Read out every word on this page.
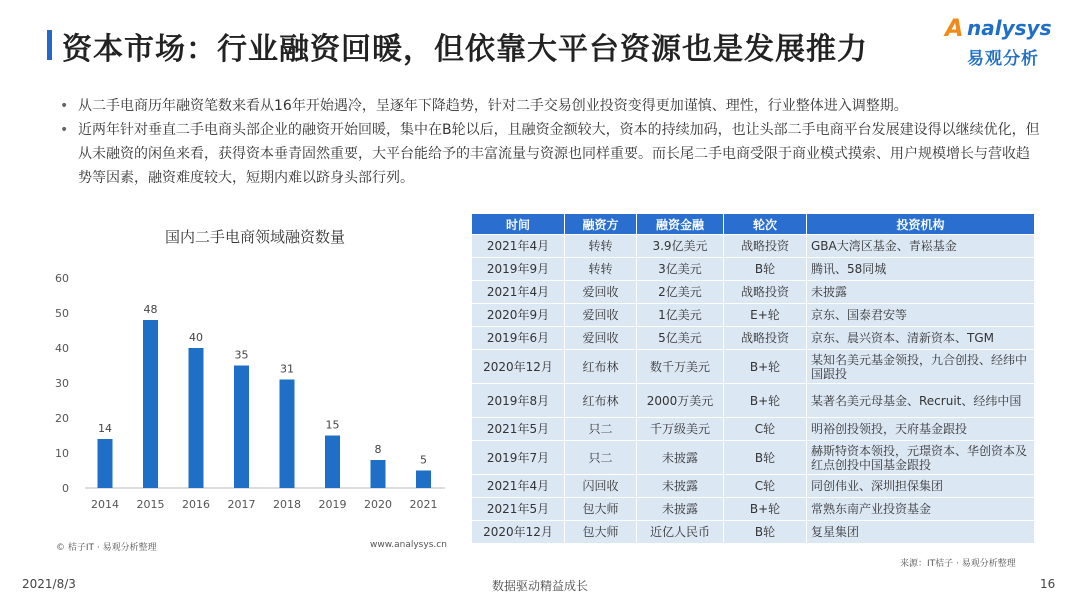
资本市场：行业融资回暖，但依靠大平台资源也是发展推力
A nalysys
易观分析
• 从二手电商历年融资笔数来看从16年开始遇冷，呈逐年下降趋势，针对二手交易创业投资变得更加谨慎、理性，行业整体进入调整期。
• 近两年针对垂直二手电商头部企业的融资开始回暖，集中在B轮以后，且融资金额较大，资本的持续加码，也让头部二手电商平台发展建设得以继续优化，但从未融资的闲鱼来看，获得资本垂青固然重要，大平台能给予的丰富流量与资源也同样重要。而长尾二手电商受限于商业模式摸索、用户规模增长与营收趋势等因素，融资难度较大，短期内难以跻身头部行列。
国内二手电商领域融资数量
0
10
20
30
40
50
60
14
2014
48
2015
40
2016
35
2017
31
2018
15
2019
8
2020
5
2021
© 桔子IT · 易观分析整理	www.analysys.cn
时间	融资方	融资金融	轮次	投资机构
2021年4月	转转	3.9亿美元	战略投资	GBA大湾区基金、青崧基金
2019年9月	转转	3亿美元	B轮	腾讯、58同城
2021年4月	爱回收	2亿美元	战略投资	未披露
2020年9月	爱回收	1亿美元	E+轮	京东、国泰君安等
2019年6月	爱回收	5亿美元	战略投资	京东、晨兴资本、清新资本、TGM
2020年12月	红布林	数千万美元	B+轮	某知名美元基金领投，九合创投、经纬中国跟投
2019年8月	红布林	2000万美元	B+轮	某著名美元母基金、Recruit、经纬中国
2021年5月	只二	千万级美元	C轮	明裕创投领投，天府基金跟投
2019年7月	只二	未披露	B轮	赫斯特资本领投，元璟资本、华创资本及红点创投中国基金跟投
2021年4月	闪回收	未披露	C轮	同创伟业、深圳担保集团
2021年5月	包大师	未披露	B+轮	常熟东南产业投资基金
2020年12月	包大师	近亿人民币	B轮	复星集团
来源：IT桔子 · 易观分析整理
2021/8/3	数据驱动精益成长	16
